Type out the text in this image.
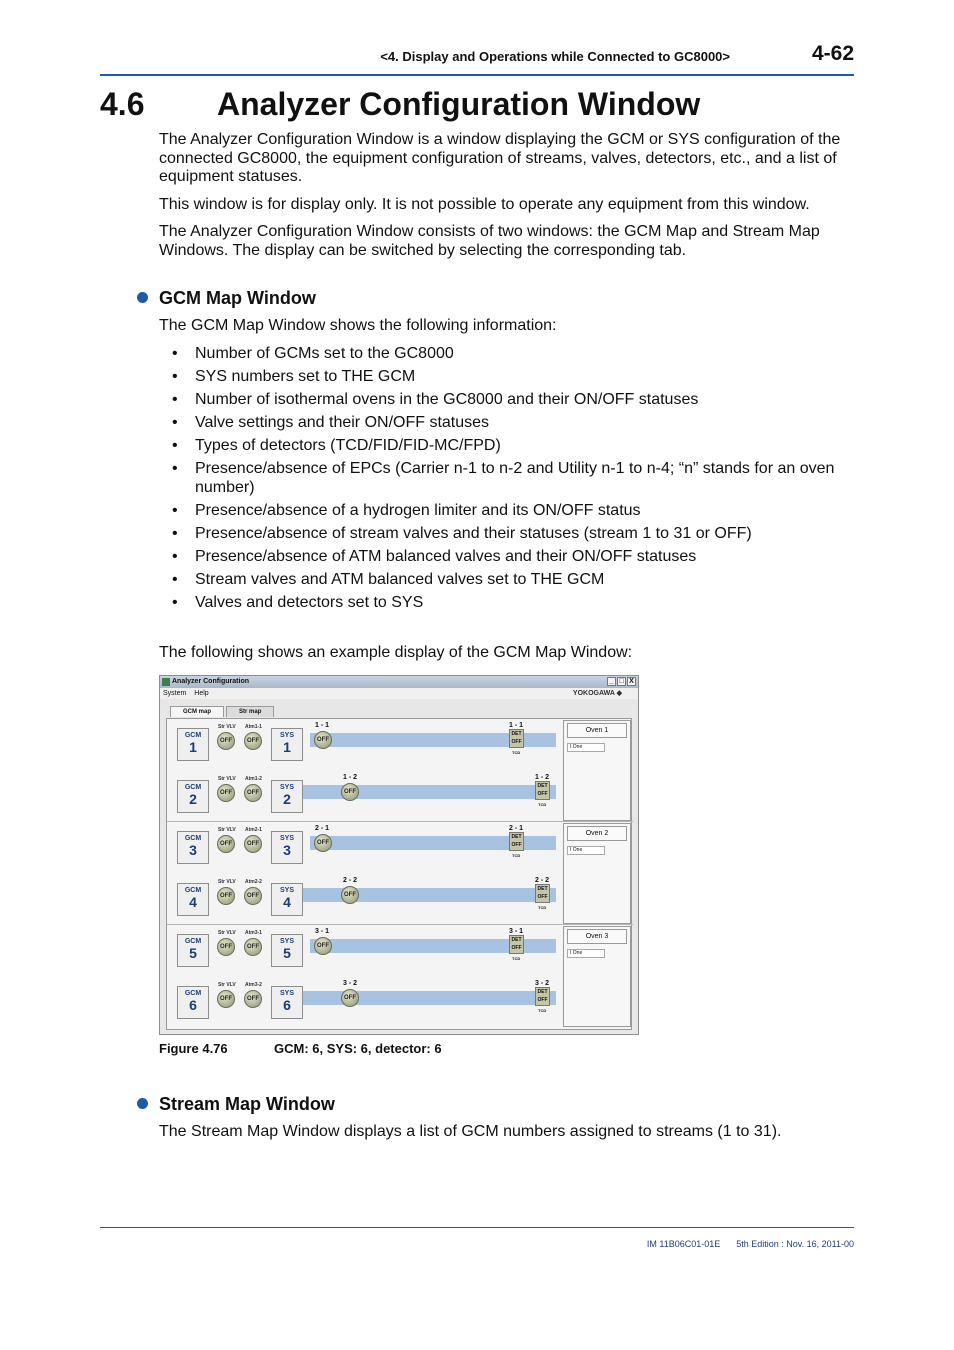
<4. Display and Operations while Connected to GC8000>	4-62
4.6 Analyzer Configuration Window

The Analyzer Configuration Window is a window displaying the GCM or SYS configuration of the connected GC8000, the equipment configuration of streams, valves, detectors, etc., and a list of equipment statuses.

This window is for display only. It is not possible to operate any equipment from this window.

The Analyzer Configuration Window consists of two windows: the GCM Map and Stream Map Windows. The display can be switched by selecting the corresponding tab.

GCM Map Window

The GCM Map Window shows the following information:

• Number of GCMs set to the GC8000
• SYS numbers set to THE GCM
• Number of isothermal ovens in the GC8000 and their ON/OFF statuses
• Valve settings and their ON/OFF statuses
• Types of detectors (TCD/FID/FID-MC/FPD)
• Presence/absence of EPCs (Carrier n-1 to n-2 and Utility n-1 to n-4; “n” stands for an oven number)
• Presence/absence of a hydrogen limiter and its ON/OFF status
• Presence/absence of stream valves and their statuses (stream 1 to 31 or OFF)
• Presence/absence of ATM balanced valves and their ON/OFF statuses
• Stream valves and ATM balanced valves set to THE GCM
• Valves and detectors set to SYS

The following shows an example display of the GCM Map Window:

Analyzer Configuration	_ □ X
System Help	YOKOGAWA ◆
GCM map	Str map
GCM
1
Str VLV Atm1-1
OFF	OFF
SYS
1
1 - 1	1 - 1
OFF
DET
OFF
TCD
GCM
2
Str VLV Atm1-2
OFF	OFF
SYS
2
1 - 2	1 - 2
OFF
DET
OFF
TCD
GCM
3
Str VLV Atm2-1
OFF	OFF
SYS
3
2 - 1	2 - 1
OFF
DET
OFF
TCD
GCM
4
Str VLV Atm2-2
OFF	OFF
SYS
4
2 - 2	2 - 2
OFF
DET
OFF
TCD
GCM
5
Str VLV Atm3-1
OFF	OFF
SYS
5
3 - 1	3 - 1
OFF
DET
OFF
TCD
GCM
6
Str VLV Atm3-2
OFF	OFF
SYS
6
3 - 2	3 - 2
OFF
DET
OFF
TCD
Oven 1
I One
Oven 2
I One
Oven 3
I One
Figure 4.76	GCM: 6, SYS: 6, detector: 6
Stream Map Window

The Stream Map Window displays a list of GCM numbers assigned to streams (1 to 31).

IM 11B06C01-01E 5th Edition : Nov. 16, 2011-00
